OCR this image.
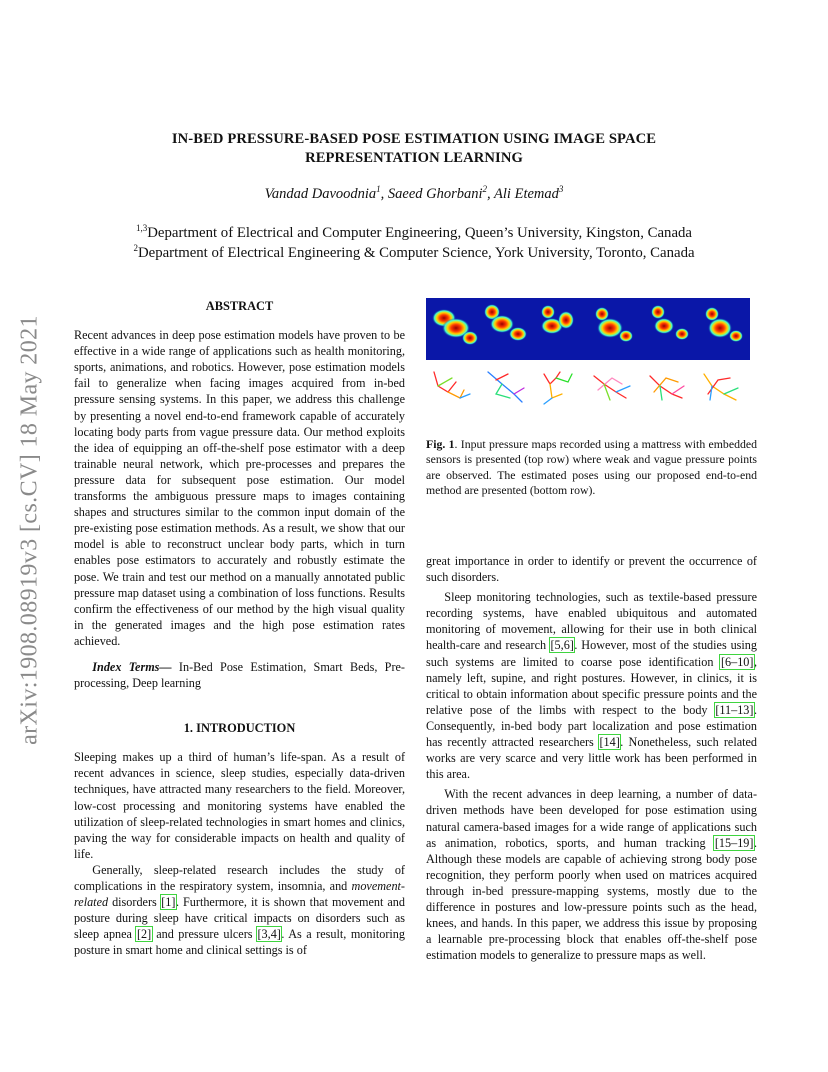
arXiv:1908.08919v3 [cs.CV] 18 May 2021
IN-BED PRESSURE-BASED POSE ESTIMATION USING IMAGE SPACE
REPRESENTATION LEARNING
Vandad Davoodnia$^1$, Saeed Ghorbani$^2$, Ali Etemad$^3$
$^{1,3}$Department of Electrical and Computer Engineering, Queen’s University, Kingston, Canada
$^2$Department of Electrical Engineering & Computer Science, York University, Toronto, Canada
ABSTRACT

Recent advances in deep pose estimation models have proven to be effective in a wide range of applications such as health monitoring, sports, animations, and robotics. However, pose estimation models fail to generalize when facing images acquired from in-bed pressure sensing systems. In this paper, we address this challenge by presenting a novel end-to-end framework capable of accurately locating body parts from vague pressure data. Our method exploits the idea of equipping an off-the-shelf pose estimator with a deep trainable neural network, which pre-processes and prepares the pressure data for subsequent pose estimation. Our model transforms the ambiguous pressure maps to images containing shapes and structures similar to the common input domain of the pre-existing pose estimation methods. As a result, we show that our model is able to reconstruct unclear body parts, which in turn enables pose estimators to accurately and robustly estimate the pose. We train and test our method on a manually annotated public pressure map dataset using a combination of loss functions. Results confirm the effectiveness of our method by the high visual quality in the generated images and the high pose estimation rates achieved.

Index Terms— In-Bed Pose Estimation, Smart Beds, Pre-processing, Deep learning

1. INTRODUCTION

Sleeping makes up a third of human’s life-span. As a result of recent advances in science, sleep studies, especially data-driven techniques, have attracted many researchers to the field. Moreover, low-cost processing and monitoring systems have enabled the utilization of sleep-related technologies in smart homes and clinics, paving the way for considerable impacts on health and quality of life.

Generally, sleep-related research includes the study of complications in the respiratory system, insomnia, and movement-related disorders [1]. Furthermore, it is shown that movement and posture during sleep have critical impacts on disorders such as sleep apnea [2] and pressure ulcers [3,4]. As a result, monitoring posture in smart home and clinical settings is of

Fig. 1. Input pressure maps recorded using a mattress with embedded sensors is presented (top row) where weak and vague pressure points are observed. The estimated poses using our proposed end-to-end method are presented (bottom row).

great importance in order to identify or prevent the occurrence of such disorders.

Sleep monitoring technologies, such as textile-based pressure recording systems, have enabled ubiquitous and automated monitoring of movement, allowing for their use in both clinical health-care and research [5,6]. However, most of the studies using such systems are limited to coarse pose identification [6–10], namely left, supine, and right postures. However, in clinics, it is critical to obtain information about specific pressure points and the relative pose of the limbs with respect to the body [11–13]. Consequently, in-bed body part localization and pose estimation has recently attracted researchers [14]. Nonetheless, such related works are very scarce and very little work has been performed in this area.

With the recent advances in deep learning, a number of data-driven methods have been developed for pose estimation using natural camera-based images for a wide range of applications such as animation, robotics, sports, and human tracking [15–19]. Although these models are capable of achieving strong body pose recognition, they perform poorly when used on matrices acquired through in-bed pressure-mapping systems, mostly due to the difference in postures and low-pressure points such as the head, knees, and hands. In this paper, we address this issue by proposing a learnable pre-processing block that enables off-the-shelf pose estimation models to generalize to pressure maps as well.
